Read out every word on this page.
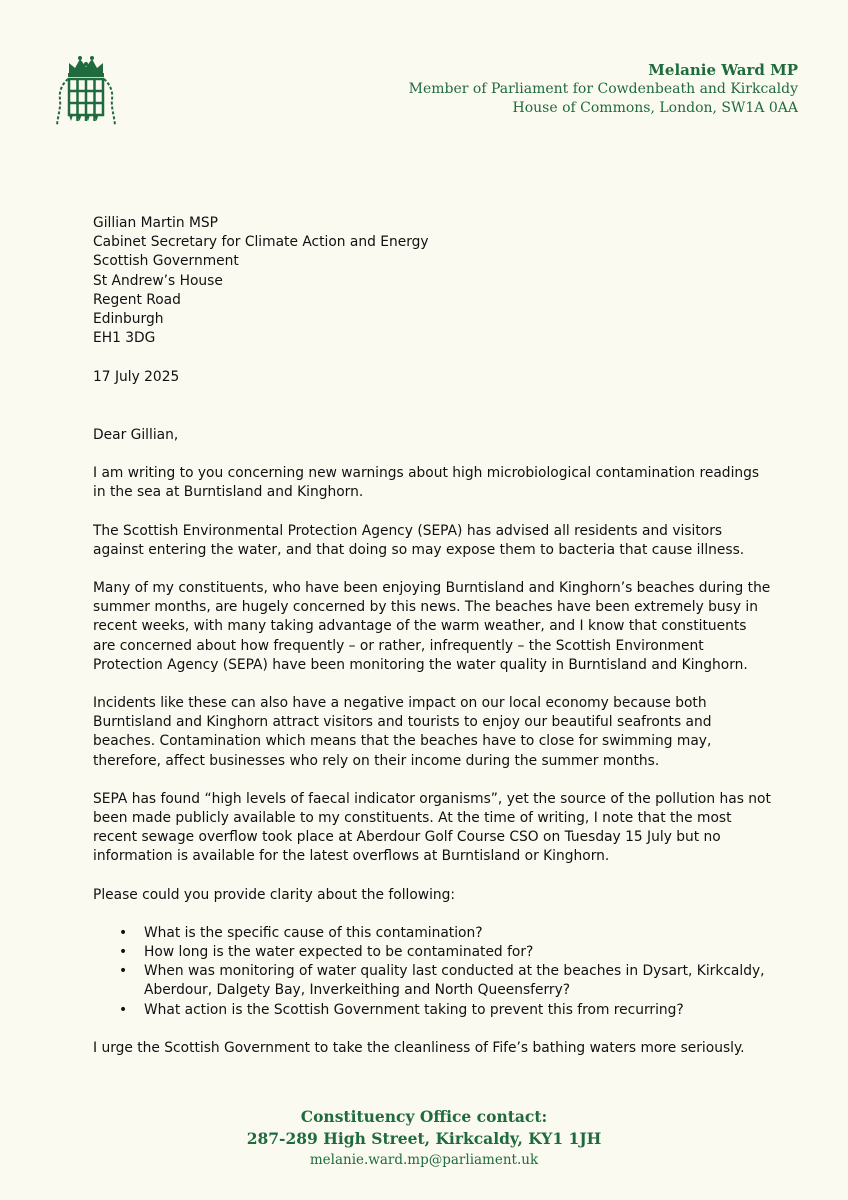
Melanie Ward MP
Member of Parliament for Cowdenbeath and Kirkcaldy
House of Commons, London, SW1A 0AA
Gillian Martin MSP
Cabinet Secretary for Climate Action and Energy
Scottish Government
St Andrew’s House
Regent Road
Edinburgh
EH1 3DG
17 July 2025

Dear Gillian,

I am writing to you concerning new warnings about high microbiological contamination readings in the sea at Burntisland and Kinghorn.

The Scottish Environmental Protection Agency (SEPA) has advised all residents and visitors against entering the water, and that doing so may expose them to bacteria that cause illness.

Many of my constituents, who have been enjoying Burntisland and Kinghorn’s beaches during the summer months, are hugely concerned by this news. The beaches have been extremely busy in recent weeks, with many taking advantage of the warm weather, and I know that constituents are concerned about how frequently – or rather, infrequently – the Scottish Environment Protection Agency (SEPA) have been monitoring the water quality in Burntisland and Kinghorn.

Incidents like these can also have a negative impact on our local economy because both Burntisland and Kinghorn attract visitors and tourists to enjoy our beautiful seafronts and beaches. Contamination which means that the beaches have to close for swimming may, therefore, affect businesses who rely on their income during the summer months.

SEPA has found “high levels of faecal indicator organisms”, yet the source of the pollution has not been made publicly available to my constituents. At the time of writing, I note that the most recent sewage overflow took place at Aberdour Golf Course CSO on Tuesday 15 July but no information is available for the latest overflows at Burntisland or Kinghorn.

Please could you provide clarity about the following:

• What is the specific cause of this contamination?
• How long is the water expected to be contaminated for?
• When was monitoring of water quality last conducted at the beaches in Dysart, Kirkcaldy, Aberdour, Dalgety Bay, Inverkeithing and North Queensferry?
• What action is the Scottish Government taking to prevent this from recurring?

I urge the Scottish Government to take the cleanliness of Fife’s bathing waters more seriously.

Constituency Office contact:
287-289 High Street, Kirkcaldy, KY1 1JH
melanie.ward.mp@parliament.uk
